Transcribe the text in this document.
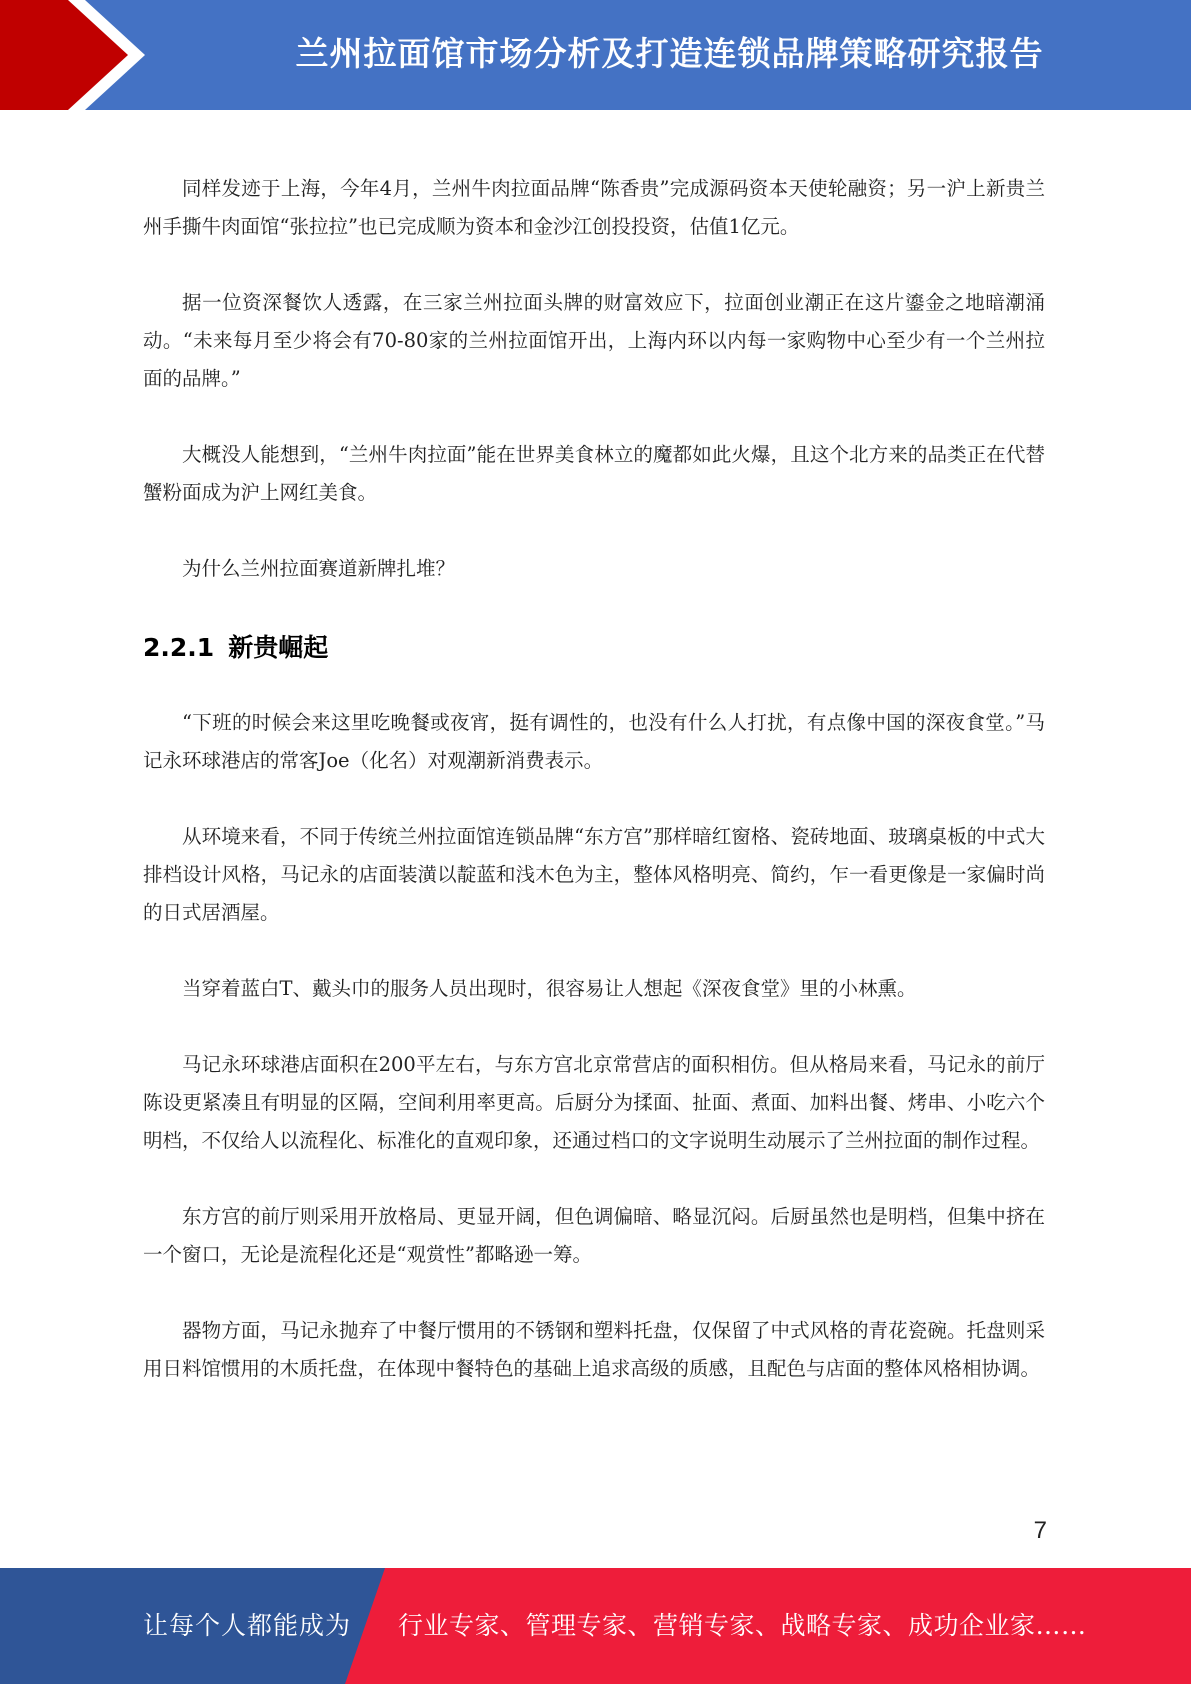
兰州拉面馆市场分析及打造连锁品牌策略研究报告

同样发迹于上海，今年4月，兰州牛肉拉面品牌“陈香贵”完成源码资本天使轮融资；另一沪上新贵兰州手撕牛肉面馆“张拉拉”也已完成顺为资本和金沙江创投投资，估值1亿元。

据一位资深餐饮人透露，在三家兰州拉面头牌的财富效应下，拉面创业潮正在这片鎏金之地暗潮涌动。“未来每月至少将会有70-80家的兰州拉面馆开出，上海内环以内每一家购物中心至少有一个兰州拉面的品牌。”

大概没人能想到，“兰州牛肉拉面”能在世界美食林立的魔都如此火爆，且这个北方来的品类正在代替蟹粉面成为沪上网红美食。

为什么兰州拉面赛道新牌扎堆？

2.2.1 新贵崛起

“下班的时候会来这里吃晚餐或夜宵，挺有调性的，也没有什么人打扰，有点像中国的深夜食堂。”马记永环球港店的常客Joe（化名）对观潮新消费表示。

从环境来看，不同于传统兰州拉面馆连锁品牌“东方宫”那样暗红窗格、瓷砖地面、玻璃桌板的中式大排档设计风格，马记永的店面装潢以靛蓝和浅木色为主，整体风格明亮、简约，乍一看更像是一家偏时尚的日式居酒屋。

当穿着蓝白T、戴头巾的服务人员出现时，很容易让人想起《深夜食堂》里的小林熏。

马记永环球港店面积在200平左右，与东方宫北京常营店的面积相仿。但从格局来看，马记永的前厅陈设更紧凑且有明显的区隔，空间利用率更高。后厨分为揉面、扯面、煮面、加料出餐、烤串、小吃六个明档，不仅给人以流程化、标准化的直观印象，还通过档口的文字说明生动展示了兰州拉面的制作过程。

东方宫的前厅则采用开放格局、更显开阔，但色调偏暗、略显沉闷。后厨虽然也是明档，但集中挤在一个窗口，无论是流程化还是“观赏性”都略逊一筹。

器物方面，马记永抛弃了中餐厅惯用的不锈钢和塑料托盘，仅保留了中式风格的青花瓷碗。托盘则采用日料馆惯用的木质托盘，在体现中餐特色的基础上追求高级的质感，且配色与店面的整体风格相协调。

7
让每个人都能成为 行业专家、管理专家、营销专家、战略专家、成功企业家……
